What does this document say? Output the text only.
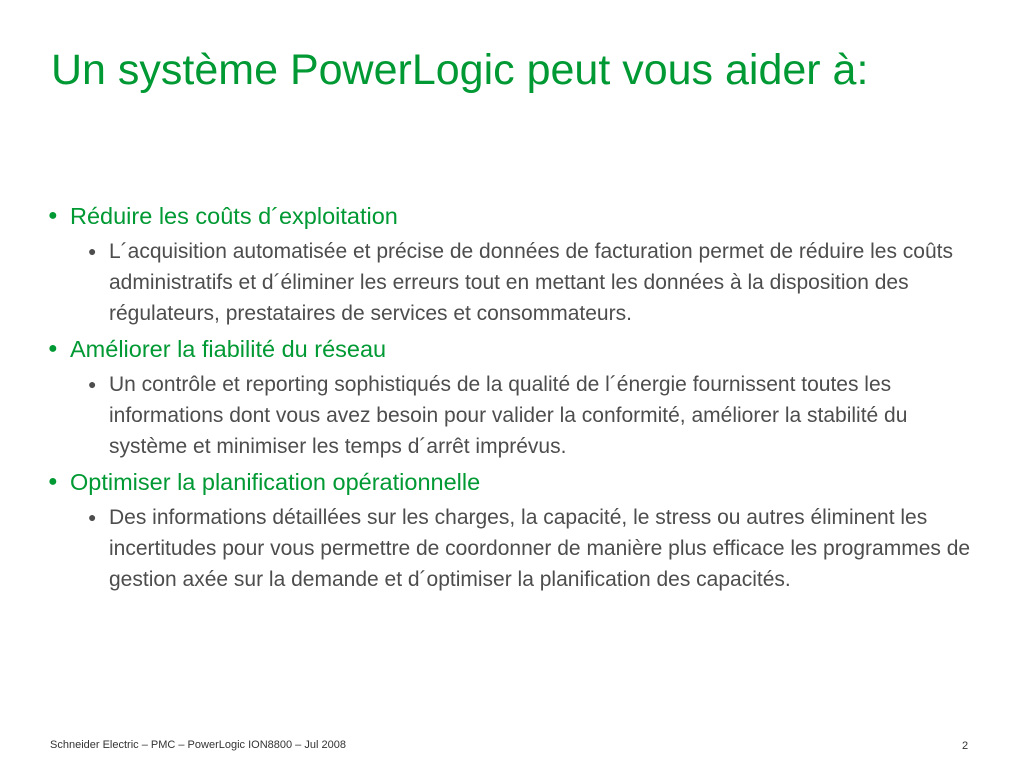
Un système PowerLogic peut vous aider à:
● Réduire les coûts d´exploitation
● L´acquisition automatisée et précise de données de facturation permet de réduire les coûts administratifs et d´éliminer les erreurs tout en mettant les données à la disposition des régulateurs, prestataires de services et consommateurs.
● Améliorer la fiabilité du réseau
● Un contrôle et reporting sophistiqués de la qualité de l´énergie fournissent toutes les informations dont vous avez besoin pour valider la conformité, améliorer la stabilité du système et minimiser les temps d´arrêt imprévus.
● Optimiser la planification opérationnelle
● Des informations détaillées sur les charges, la capacité, le stress ou autres éliminent les incertitudes pour vous permettre de coordonner de manière plus efficace les programmes de gestion axée sur la demande et d´optimiser la planification des capacités.
Schneider Electric – PMC – PowerLogic ION8800 – Jul 2008	2
